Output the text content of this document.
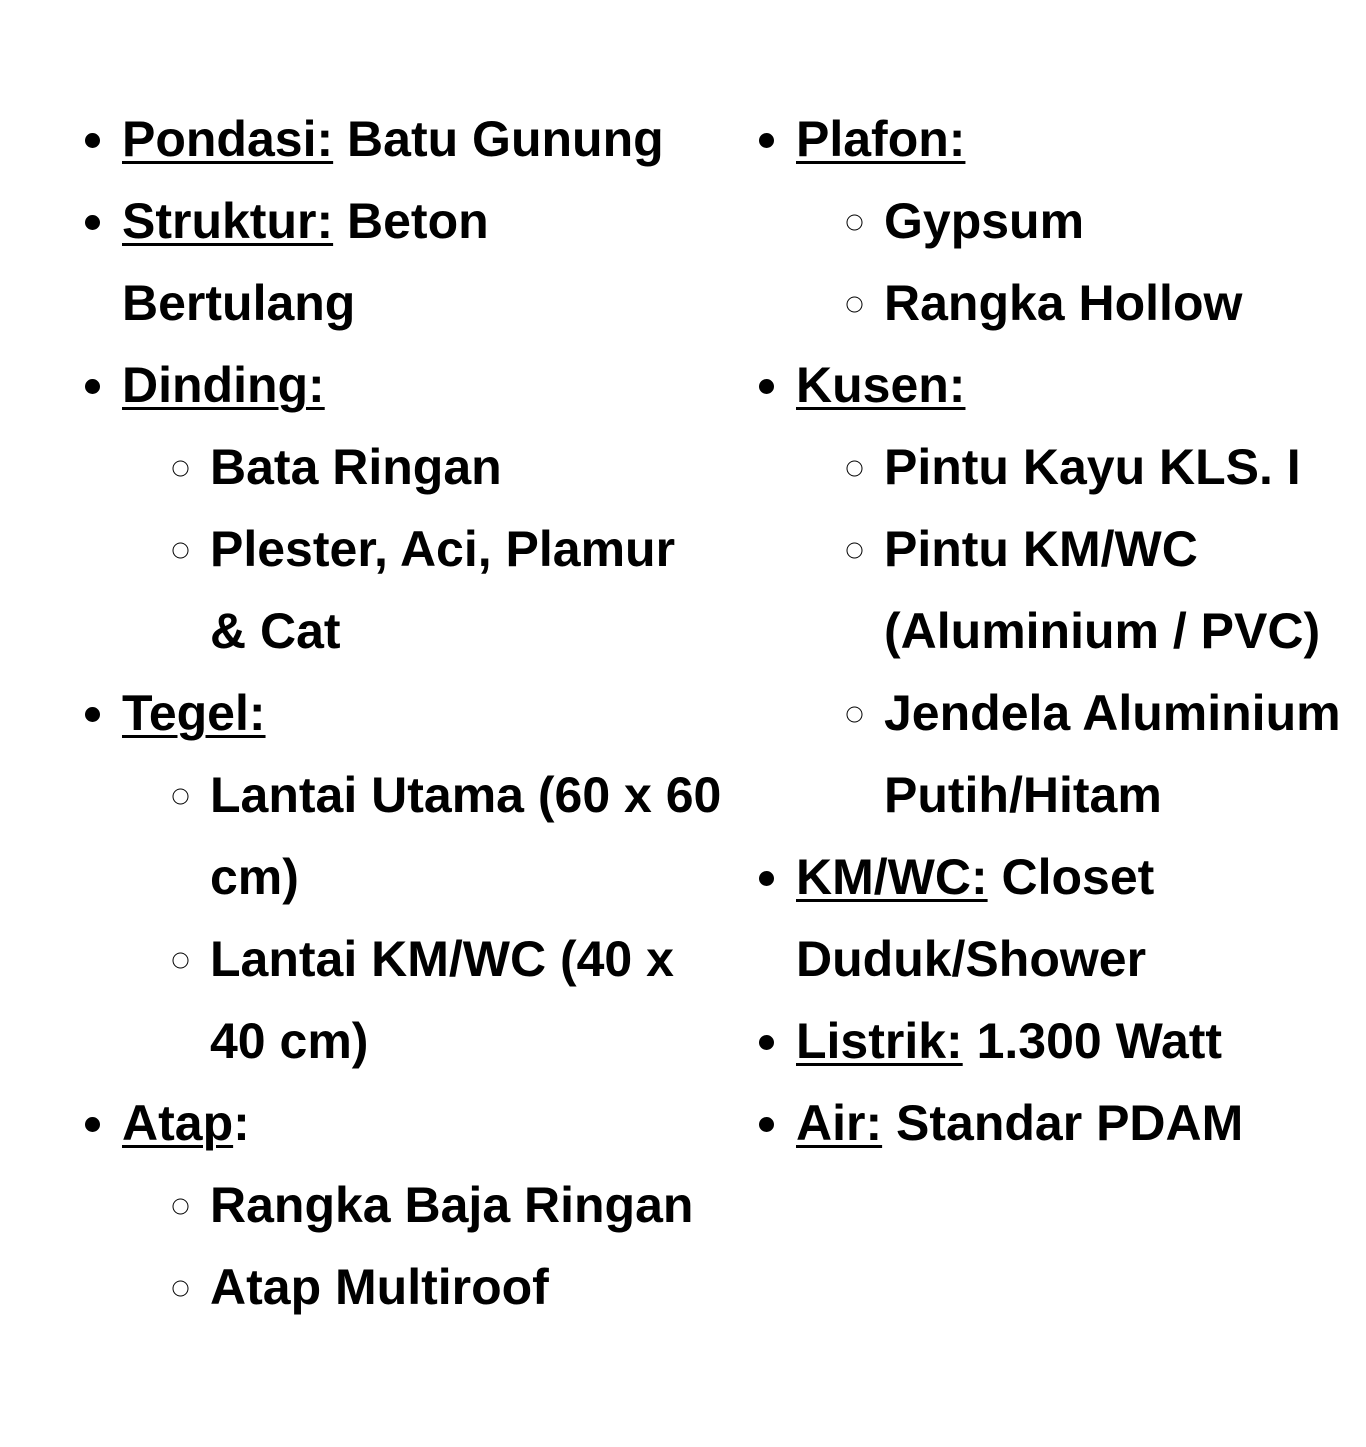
• Pondasi: Batu Gunung
• Struktur: Beton Bertulang
• Dinding:
◦ Bata Ringan
◦ Plester, Aci, Plamur & Cat
• Tegel:
◦ Lantai Utama (60 x 60 cm)
◦ Lantai KM/WC (40 x 40 cm)
• Atap:
◦ Rangka Baja Ringan
◦ Atap Multiroof
• Plafon:
◦ Gypsum
◦ Rangka Hollow
• Kusen:
◦ Pintu Kayu KLS. I
◦ Pintu KM/WC (Aluminium / PVC)
◦ Jendela Aluminium Putih/Hitam
• KM/WC: Closet Duduk/Shower
• Listrik: 1.300 Watt
• Air: Standar PDAM
